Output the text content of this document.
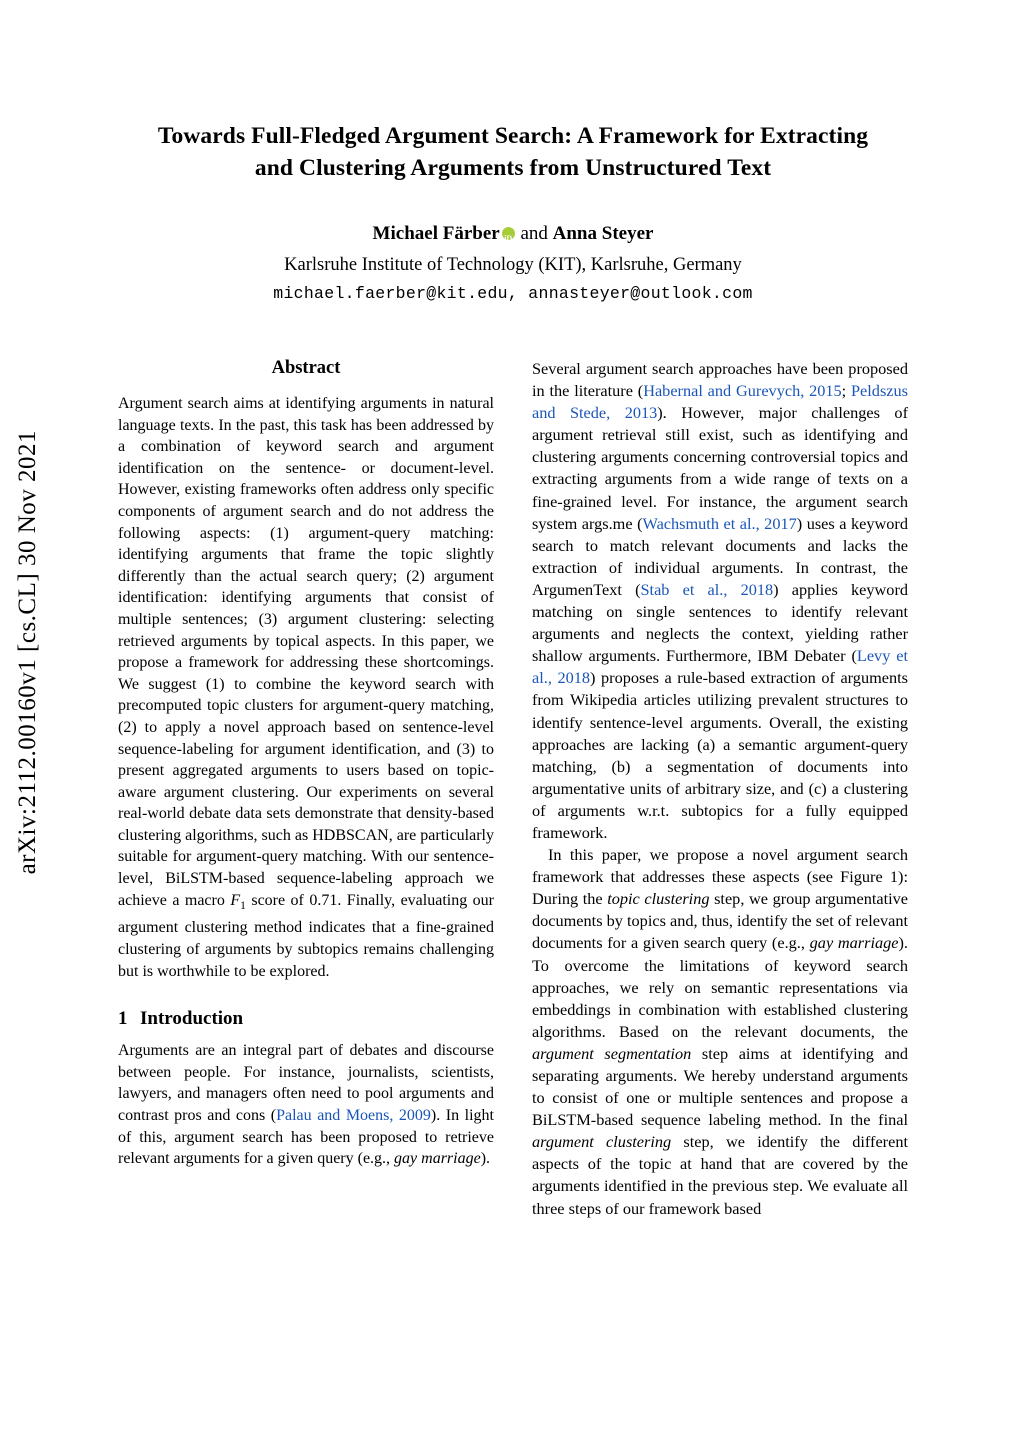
arXiv:2112.00160v1 [cs.CL] 30 Nov 2021
Towards Full-Fledged Argument Search: A Framework for Extracting
and Clustering Arguments from Unstructured Text
Michael Färber iD and Anna Steyer
Karlsruhe Institute of Technology (KIT), Karlsruhe, Germany
michael.faerber@kit.edu, annasteyer@outlook.com
Abstract

Argument search aims at identifying arguments in natural language texts. In the past, this task has been addressed by a combination of keyword search and argument identification on the sentence- or document-level. However, existing frameworks often address only specific components of argument search and do not address the following aspects: (1) argument-query matching: identifying arguments that frame the topic slightly differently than the actual search query; (2) argument identification: identifying arguments that consist of multiple sentences; (3) argument clustering: selecting retrieved arguments by topical aspects. In this paper, we propose a framework for addressing these shortcomings. We suggest (1) to combine the keyword search with precomputed topic clusters for argument-query matching, (2) to apply a novel approach based on sentence-level sequence-labeling for argument identification, and (3) to present aggregated arguments to users based on topic-aware argument clustering. Our experiments on several real-world debate data sets demonstrate that density-based clustering algorithms, such as HDBSCAN, are particularly suitable for argument-query matching. With our sentence-level, BiLSTM-based sequence-labeling approach we achieve a macro $F_1$ score of 0.71. Finally, evaluating our argument clustering method indicates that a fine-grained clustering of arguments by subtopics remains challenging but is worthwhile to be explored.

1 Introduction

Arguments are an integral part of debates and discourse between people. For instance, journalists, scientists, lawyers, and managers often need to pool arguments and contrast pros and cons (Palau and Moens, 2009). In light of this, argument search has been proposed to retrieve relevant arguments for a given query (e.g., gay marriage).

Several argument search approaches have been proposed in the literature (Habernal and Gurevych, 2015; Peldszus and Stede, 2013). However, major challenges of argument retrieval still exist, such as identifying and clustering arguments concerning controversial topics and extracting arguments from a wide range of texts on a fine-grained level. For instance, the argument search system args.me (Wachsmuth et al., 2017) uses a keyword search to match relevant documents and lacks the extraction of individual arguments. In contrast, the ArgumenText (Stab et al., 2018) applies keyword matching on single sentences to identify relevant arguments and neglects the context, yielding rather shallow arguments. Furthermore, IBM Debater (Levy et al., 2018) proposes a rule-based extraction of arguments from Wikipedia articles utilizing prevalent structures to identify sentence-level arguments. Overall, the existing approaches are lacking (a) a semantic argument-query matching, (b) a segmentation of documents into argumentative units of arbitrary size, and (c) a clustering of arguments w.r.t. subtopics for a fully equipped framework.

In this paper, we propose a novel argument search framework that addresses these aspects (see Figure 1): During the topic clustering step, we group argumentative documents by topics and, thus, identify the set of relevant documents for a given search query (e.g., gay marriage). To overcome the limitations of keyword search approaches, we rely on semantic representations via embeddings in combination with established clustering algorithms. Based on the relevant documents, the argument segmentation step aims at identifying and separating arguments. We hereby understand arguments to consist of one or multiple sentences and propose a BiLSTM-based sequence labeling method. In the final argument clustering step, we identify the different aspects of the topic at hand that are covered by the arguments identified in the previous step. We evaluate all three steps of our framework based
